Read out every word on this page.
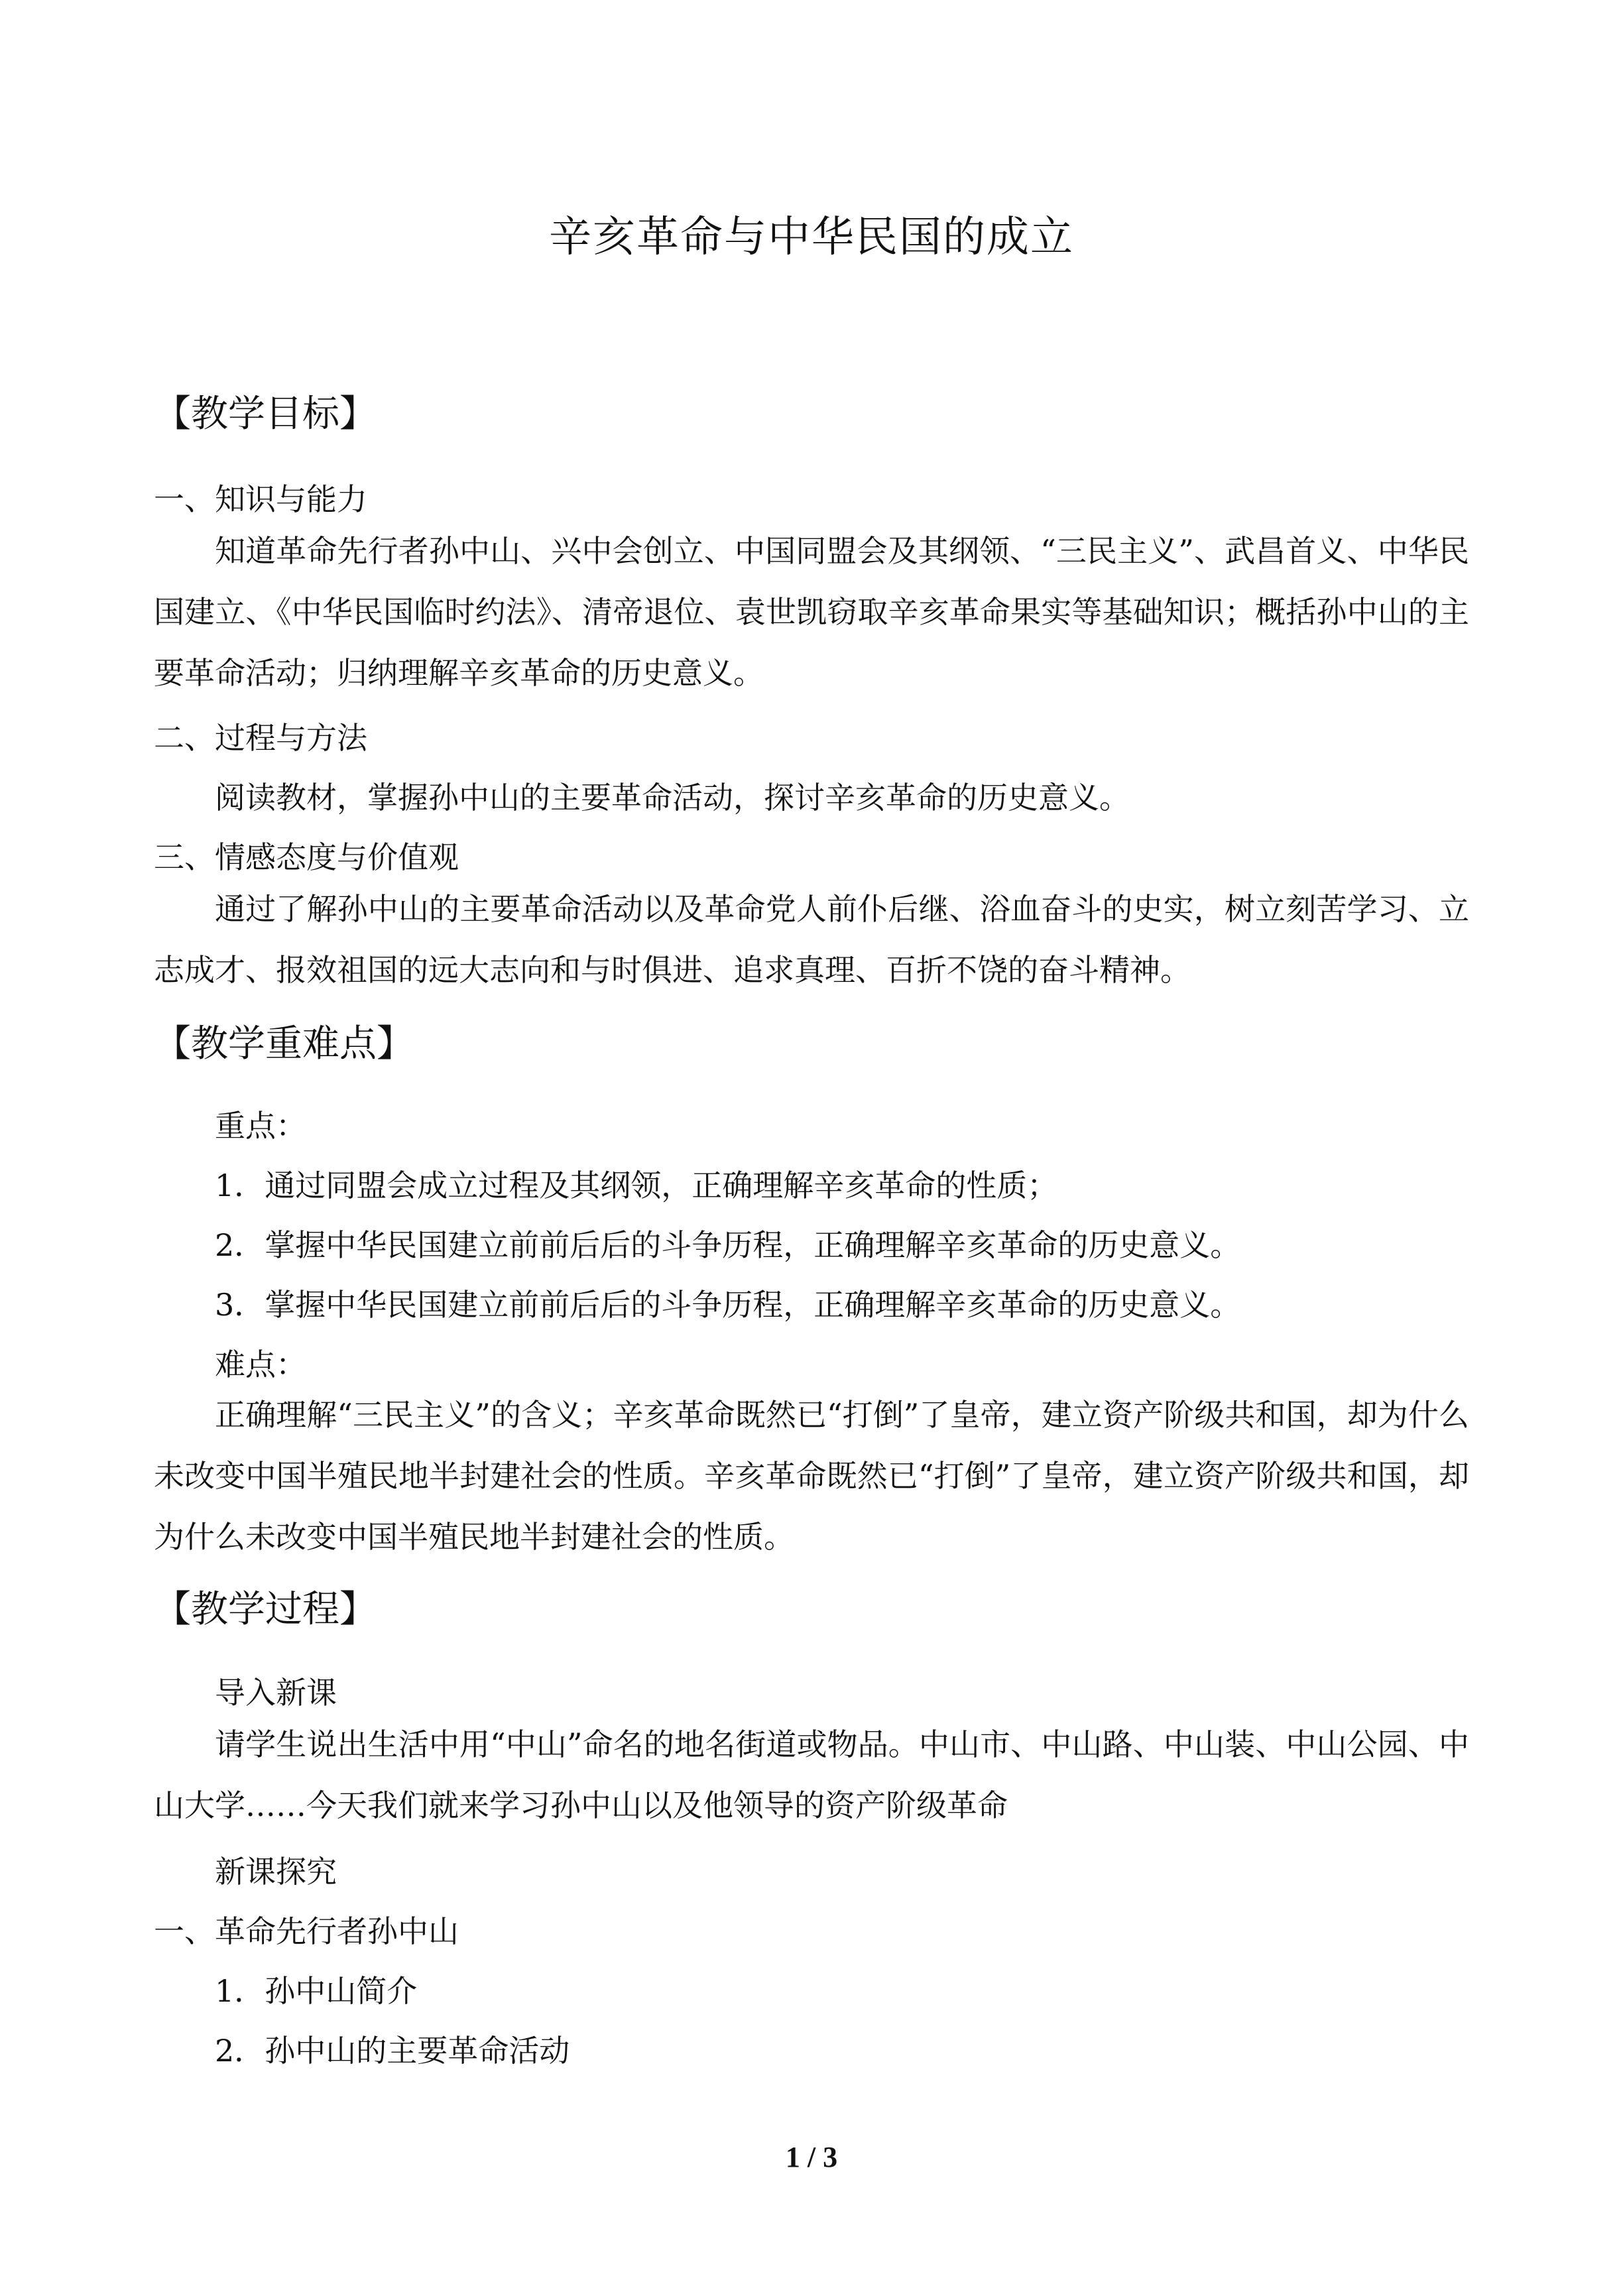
辛亥革命与中华民国的成立
【教学目标】
一、知识与能力
知道革命先行者孙中山、兴中会创立、中国同盟会及其纲领、“三民主义”、武昌首义、中华民国建立、《中华民国临时约法》、清帝退位、袁世凯窃取辛亥革命果实等基础知识；概括孙中山的主要革命活动；归纳理解辛亥革命的历史意义。
二、过程与方法
阅读教材，掌握孙中山的主要革命活动，探讨辛亥革命的历史意义。
三、情感态度与价值观
通过了解孙中山的主要革命活动以及革命党人前仆后继、浴血奋斗的史实，树立刻苦学习、立志成才、报效祖国的远大志向和与时俱进、追求真理、百折不饶的奋斗精神。
【教学重难点】
重点：
1．通过同盟会成立过程及其纲领，正确理解辛亥革命的性质；
2．掌握中华民国建立前前后后的斗争历程，正确理解辛亥革命的历史意义。
3．掌握中华民国建立前前后后的斗争历程，正确理解辛亥革命的历史意义。
难点：
正确理解“三民主义”的含义；辛亥革命既然已“打倒”了皇帝，建立资产阶级共和国，却为什么未改变中国半殖民地半封建社会的性质。辛亥革命既然已“打倒”了皇帝，建立资产阶级共和国，却为什么未改变中国半殖民地半封建社会的性质。
【教学过程】
导入新课
请学生说出生活中用“中山”命名的地名街道或物品。中山市、中山路、中山装、中山公园、中山大学……今天我们就来学习孙中山以及他领导的资产阶级革命
新课探究
一、革命先行者孙中山
1．孙中山简介
2．孙中山的主要革命活动
1 / 3
